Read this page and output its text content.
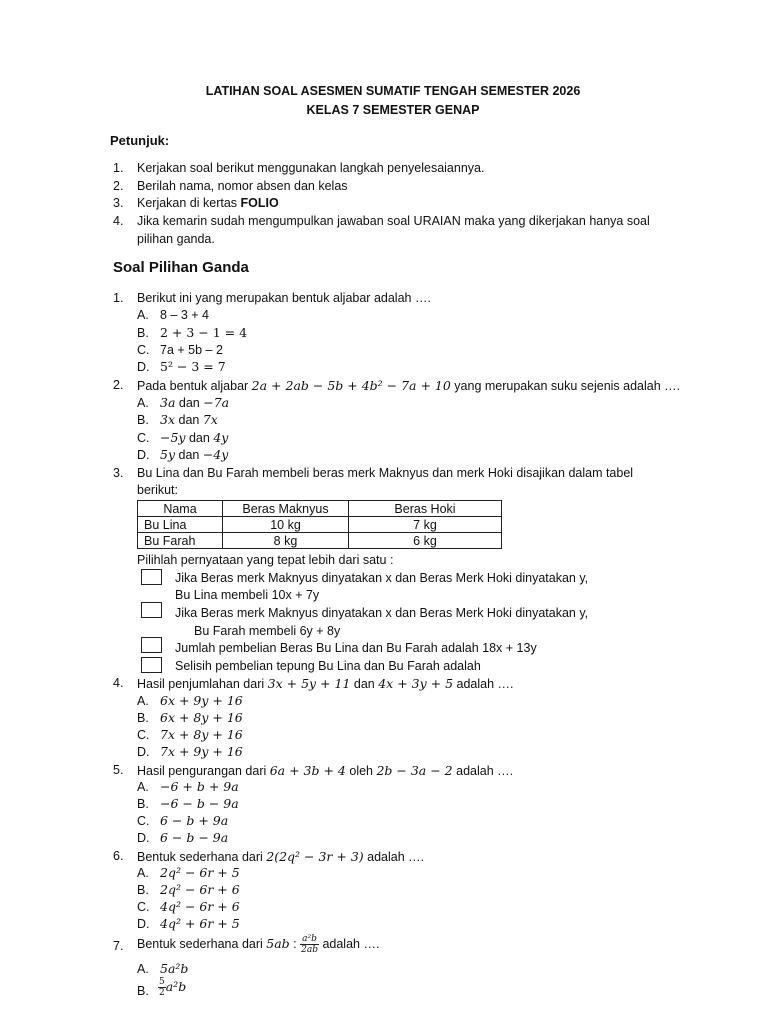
LATIHAN SOAL ASESMEN SUMATIF TENGAH SEMESTER 2026
KELAS 7 SEMESTER GENAP
Petunjuk:
1. Kerjakan soal berikut menggunakan langkah penyelesaiannya.
2. Berilah nama, nomor absen dan kelas
3. Kerjakan di kertas FOLIO
4. Jika kemarin sudah mengumpulkan jawaban soal URAIAN maka yang dikerjakan hanya soal
pilihan ganda.
Soal Pilihan Ganda
1. Berikut ini yang merupakan bentuk aljabar adalah ….
A. 8 – 3 + 4
B. 2 + 3 − 1 = 4
C. 7a + 5b – 2
D. 5² − 3 = 7
2. Pada bentuk aljabar 2a + 2ab − 5b + 4b² − 7a + 10 yang merupakan suku sejenis adalah ….
A. 3a dan −7a
B. 3x dan 7x
C. −5y dan 4y
D. 5y dan −4y
3. Bu Lina dan Bu Farah membeli beras merk Maknyus dan merk Hoki disajikan dalam tabel
berikut:
Nama	Beras Maknyus	Beras Hoki
Bu Lina	10 kg	7 kg
Bu Farah	8 kg	6 kg
Pilihlah pernyataan yang tepat lebih dari satu :
Jika Beras merk Maknyus dinyatakan x dan Beras Merk Hoki dinyatakan y,
Bu Lina membeli 10x + 7y
Jika Beras merk Maknyus dinyatakan x dan Beras Merk Hoki dinyatakan y,
Bu Farah membeli 6y + 8y
Jumlah pembelian Beras Bu Lina dan Bu Farah adalah 18x + 13y
Selisih pembelian tepung Bu Lina dan Bu Farah adalah
4. Hasil penjumlahan dari 3x + 5y + 11 dan 4x + 3y + 5 adalah ….
A. 6x + 9y + 16
B. 6x + 8y + 16
C. 7x + 8y + 16
D. 7x + 9y + 16
5. Hasil pengurangan dari 6a + 3b + 4 oleh 2b − 3a − 2 adalah ….
A. −6 + b + 9a
B. −6 − b − 9a
C. 6 − b + 9a
D. 6 − b − 9a
6. Bentuk sederhana dari 2(2q² − 3r + 3) adalah ….
A. 2q² − 6r + 5
B. 2q² − 6r + 6
C. 4q² − 6r + 6
D. 4q² + 6r + 5
7. Bentuk sederhana dari 5ab : $\frac{\text{a²b}}{2ab}$ adalah ….
A. 5a²b
B. $\frac{5}{2} a^2b$
